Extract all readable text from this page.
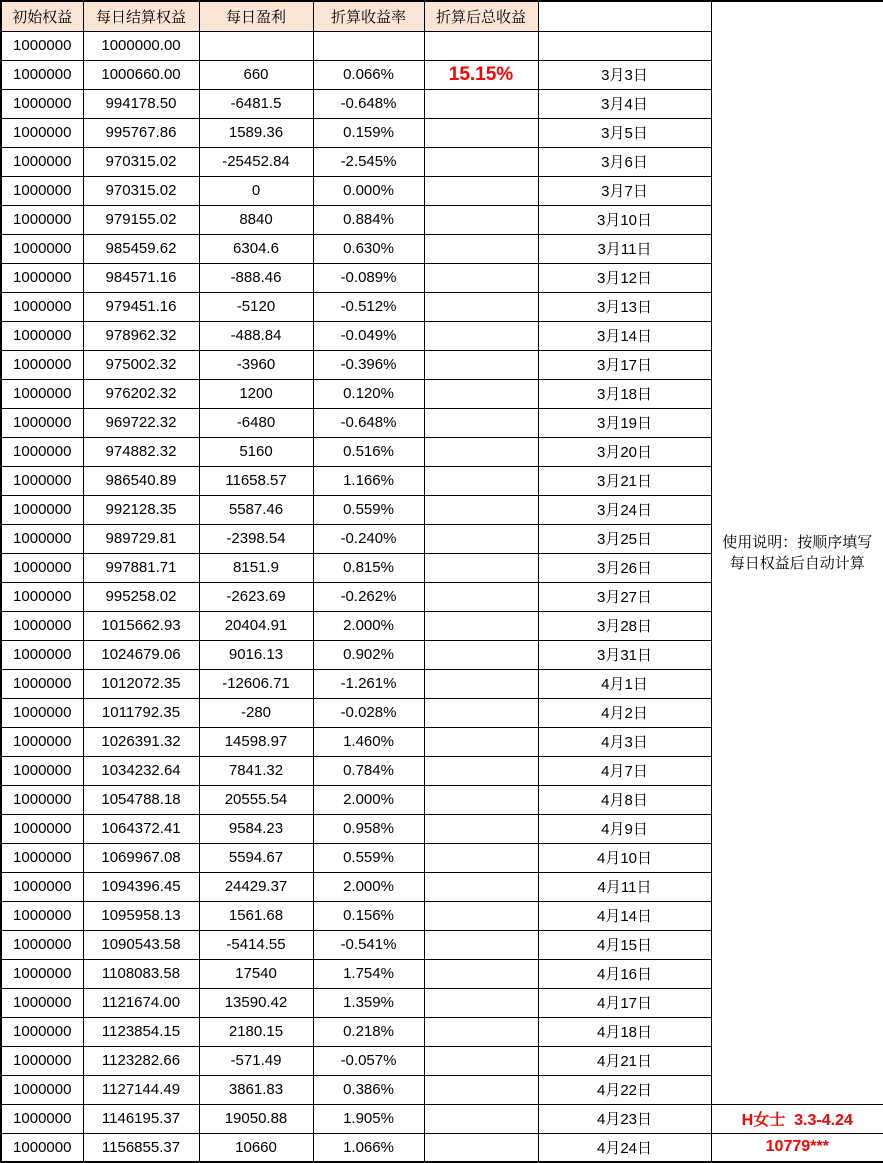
初始权益	每日结算权益	每日盈利	折算收益率	折算后总收益		使用说明：按顺序填写每日权益后自动计算
1000000	1000000.00					
1000000	1000660.00	660	0.066%	15.15%	3月3日	
1000000	994178.50	-6481.5	-0.648%		3月4日	
1000000	995767.86	1589.36	0.159%		3月5日	
1000000	970315.02	-25452.84	-2.545%		3月6日	
1000000	970315.02	0	0.000%		3月7日	
1000000	979155.02	8840	0.884%		3月10日	
1000000	985459.62	6304.6	0.630%		3月11日	
1000000	984571.16	-888.46	-0.089%		3月12日	
1000000	979451.16	-5120	-0.512%		3月13日	
1000000	978962.32	-488.84	-0.049%		3月14日	
1000000	975002.32	-3960	-0.396%		3月17日	
1000000	976202.32	1200	0.120%		3月18日	
1000000	969722.32	-6480	-0.648%		3月19日	
1000000	974882.32	5160	0.516%		3月20日	
1000000	986540.89	11658.57	1.166%		3月21日	
1000000	992128.35	5587.46	0.559%		3月24日	
1000000	989729.81	-2398.54	-0.240%		3月25日	
1000000	997881.71	8151.9	0.815%		3月26日	
1000000	995258.02	-2623.69	-0.262%		3月27日	
1000000	1015662.93	20404.91	2.000%		3月28日	
1000000	1024679.06	9016.13	0.902%		3月31日	
1000000	1012072.35	-12606.71	-1.261%		4月1日	
1000000	1011792.35	-280	-0.028%		4月2日	
1000000	1026391.32	14598.97	1.460%		4月3日	
1000000	1034232.64	7841.32	0.784%		4月7日	
1000000	1054788.18	20555.54	2.000%		4月8日	
1000000	1064372.41	9584.23	0.958%		4月9日	
1000000	1069967.08	5594.67	0.559%		4月10日	
1000000	1094396.45	24429.37	2.000%		4月11日	
1000000	1095958.13	1561.68	0.156%		4月14日	
1000000	1090543.58	-5414.55	-0.541%		4月15日	
1000000	1108083.58	17540	1.754%		4月16日	
1000000	1121674.00	13590.42	1.359%		4月17日	
1000000	1123854.15	2180.15	0.218%		4月18日	
1000000	1123282.66	-571.49	-0.057%		4月21日	
1000000	1127144.49	3861.83	0.386%		4月22日	
1000000	1146195.37	19050.88	1.905%		4月23日	H女士  3.3-4.24
1000000	1156855.37	10660	1.066%		4月24日	10779***
